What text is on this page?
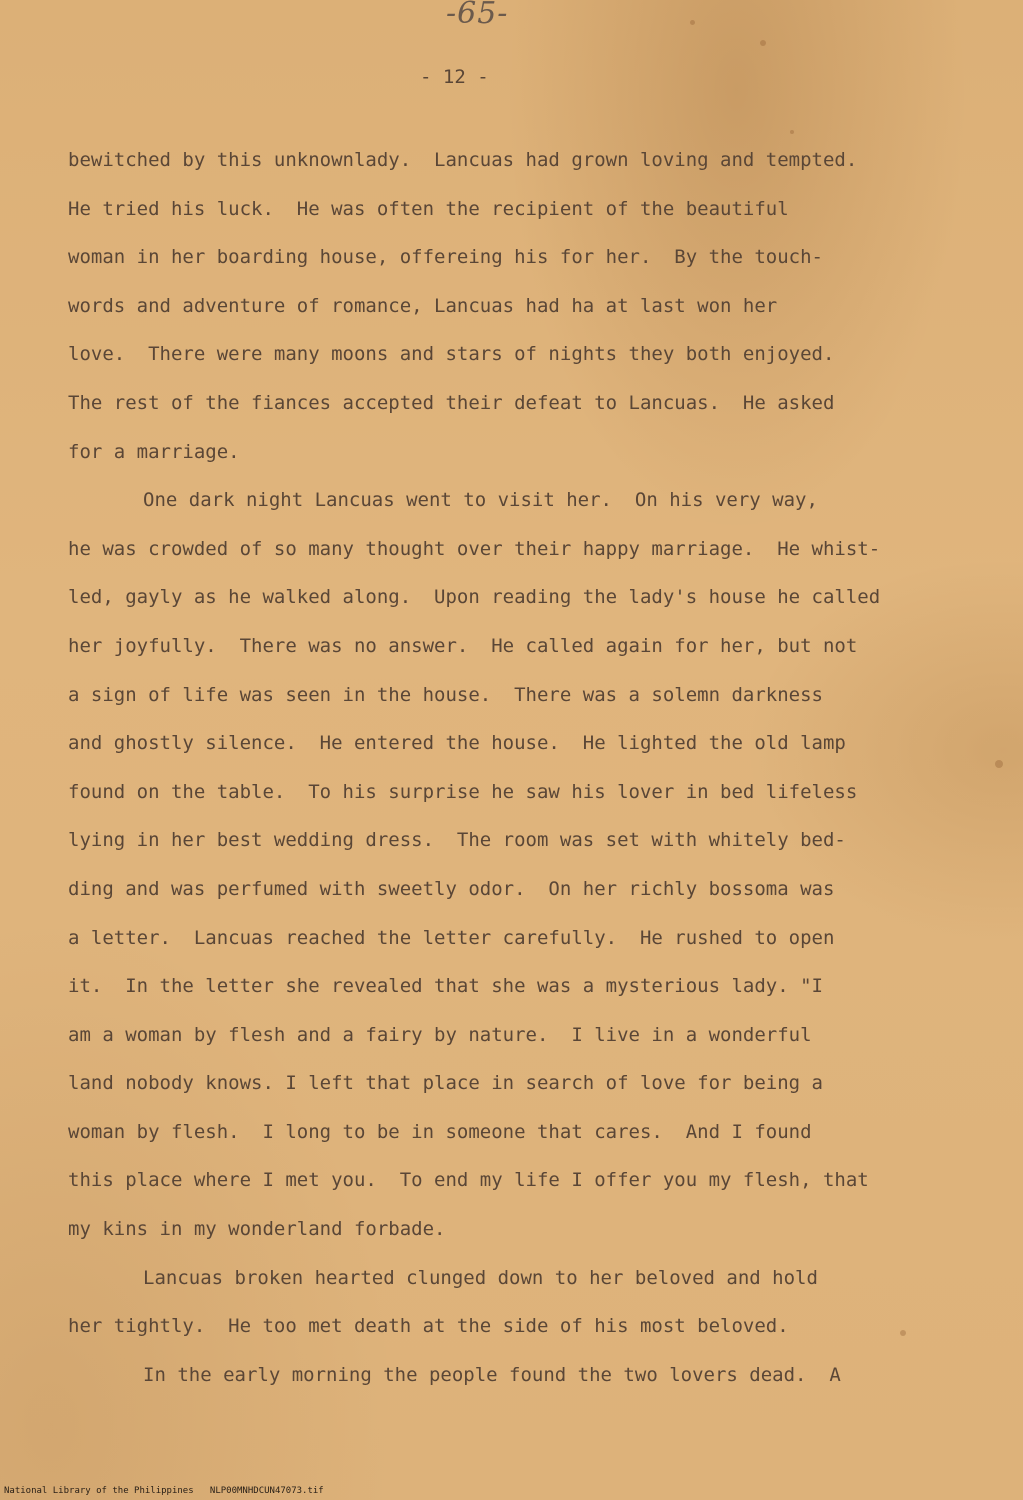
-65-
- 12 -
bewitched by this unknownlady.  Lancuas had grown loving and tempted.
He tried his luck.  He was often the recipient of the beautiful
woman in her boarding house, offereing his for her.  By the touch-
words and adventure of romance, Lancuas had ha at last won her
love.  There were many moons and stars of nights they both enjoyed.
The rest of the fiances accepted their defeat to Lancuas.  He asked
for a marriage.
One dark night Lancuas went to visit her.  On his very way,
he was crowded of so many thought over their happy marriage.  He whist-
led, gayly as he walked along.  Upon reading the lady's house he called
her joyfully.  There was no answer.  He called again for her, but not
a sign of life was seen in the house.  There was a solemn darkness
and ghostly silence.  He entered the house.  He lighted the old lamp
found on the table.  To his surprise he saw his lover in bed lifeless
lying in her best wedding dress.  The room was set with whitely bed-
ding and was perfumed with sweetly odor.  On her richly bossoma was
a letter.  Lancuas reached the letter carefully.  He rushed to open
it.  In the letter she revealed that she was a mysterious lady. "I
am a woman by flesh and a fairy by nature.  I live in a wonderful
land nobody knows. I left that place in search of love for being a
woman by flesh.  I long to be in someone that cares.  And I found
this place where I met you.  To end my life I offer you my flesh, that
my kins in my wonderland forbade.
Lancuas broken hearted clunged down to her beloved and hold
her tightly.  He too met death at the side of his most beloved.
In the early morning the people found the two lovers dead.  A
National Library of the Philippines NLP00MNHDCUN47073.tif
